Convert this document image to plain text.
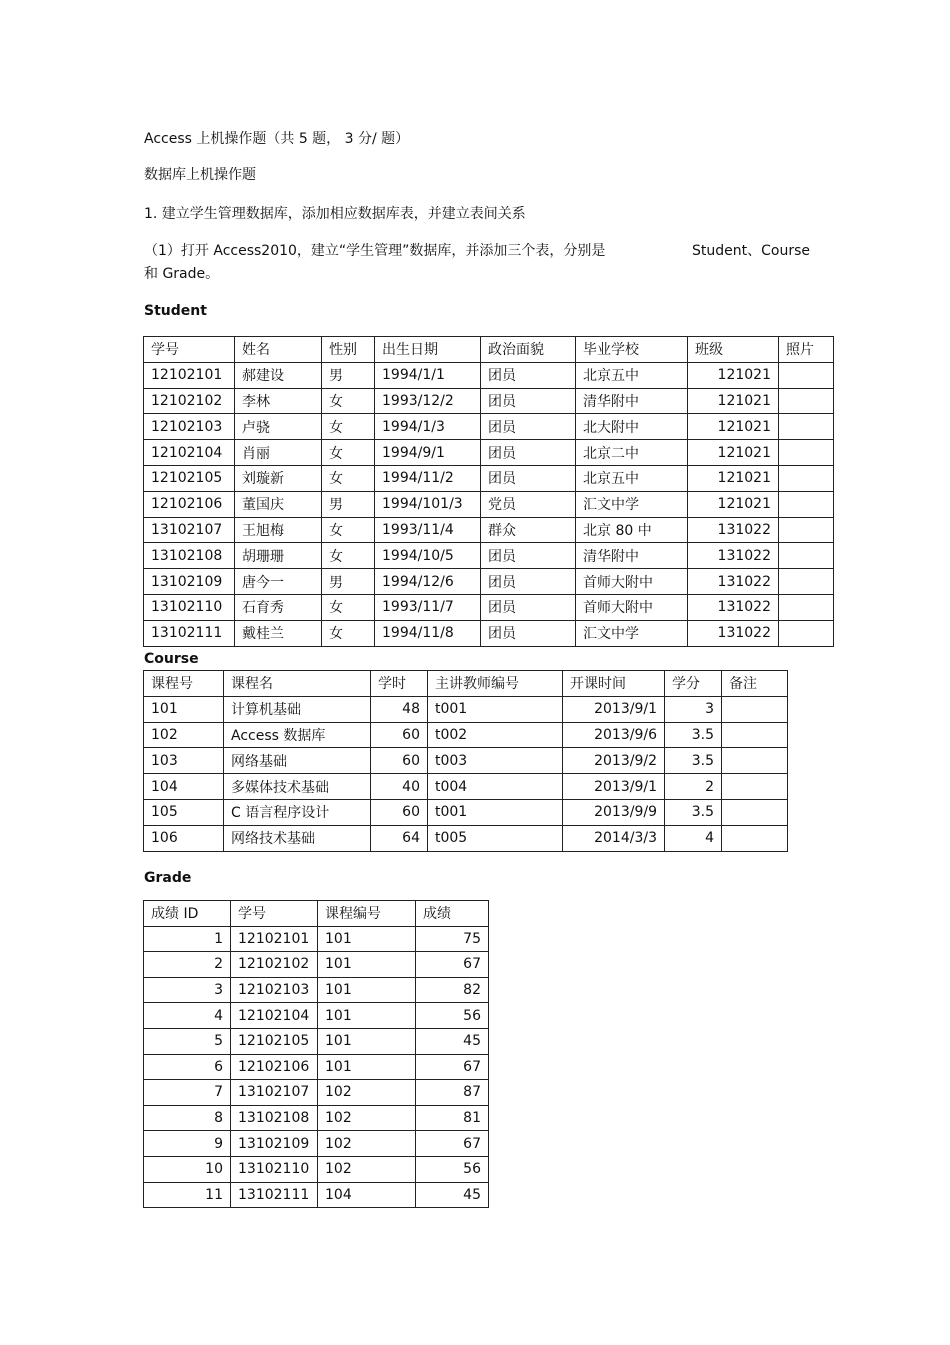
Access 上机操作题（共 5 题， 3 分/ 题）
数据库上机操作题
1. 建立学生管理数据库，添加相应数据库表，并建立表间关系
（1）打开 Access2010，建立“学生管理”数据库，并添加三个表，分别是	Student、Course
和 Grade。
Student
学号	姓名	性别	出生日期	政治面貌	毕业学校	班级	照片
12102101	郝建设	男	1994/1/1	团员	北京五中	121021	
12102102	李林	女	1993/12/2	团员	清华附中	121021	
12102103	卢骁	女	1994/1/3	团员	北大附中	121021	
12102104	肖丽	女	1994/9/1	团员	北京二中	121021	
12102105	刘璇新	女	1994/11/2	团员	北京五中	121021	
12102106	董国庆	男	1994/101/3	党员	汇文中学	121021	
13102107	王旭梅	女	1993/11/4	群众	北京 80 中	131022	
13102108	胡珊珊	女	1994/10/5	团员	清华附中	131022	
13102109	唐今一	男	1994/12/6	团员	首师大附中	131022	
13102110	石育秀	女	1993/11/7	团员	首师大附中	131022	
13102111	戴桂兰	女	1994/11/8	团员	汇文中学	131022	
Course
课程号	课程名	学时	主讲教师编号	开课时间	学分	备注
101	计算机基础	48	t001	2013/9/1	3	
102	Access 数据库	60	t002	2013/9/6	3.5	
103	网络基础	60	t003	2013/9/2	3.5	
104	多媒体技术基础	40	t004	2013/9/1	2	
105	C 语言程序设计	60	t001	2013/9/9	3.5	
106	网络技术基础	64	t005	2014/3/3	4	
Grade
成绩 ID	学号	课程编号	成绩
1	12102101	101	75
2	12102102	101	67
3	12102103	101	82
4	12102104	101	56
5	12102105	101	45
6	12102106	101	67
7	13102107	102	87
8	13102108	102	81
9	13102109	102	67
10	13102110	102	56
11	13102111	104	45
